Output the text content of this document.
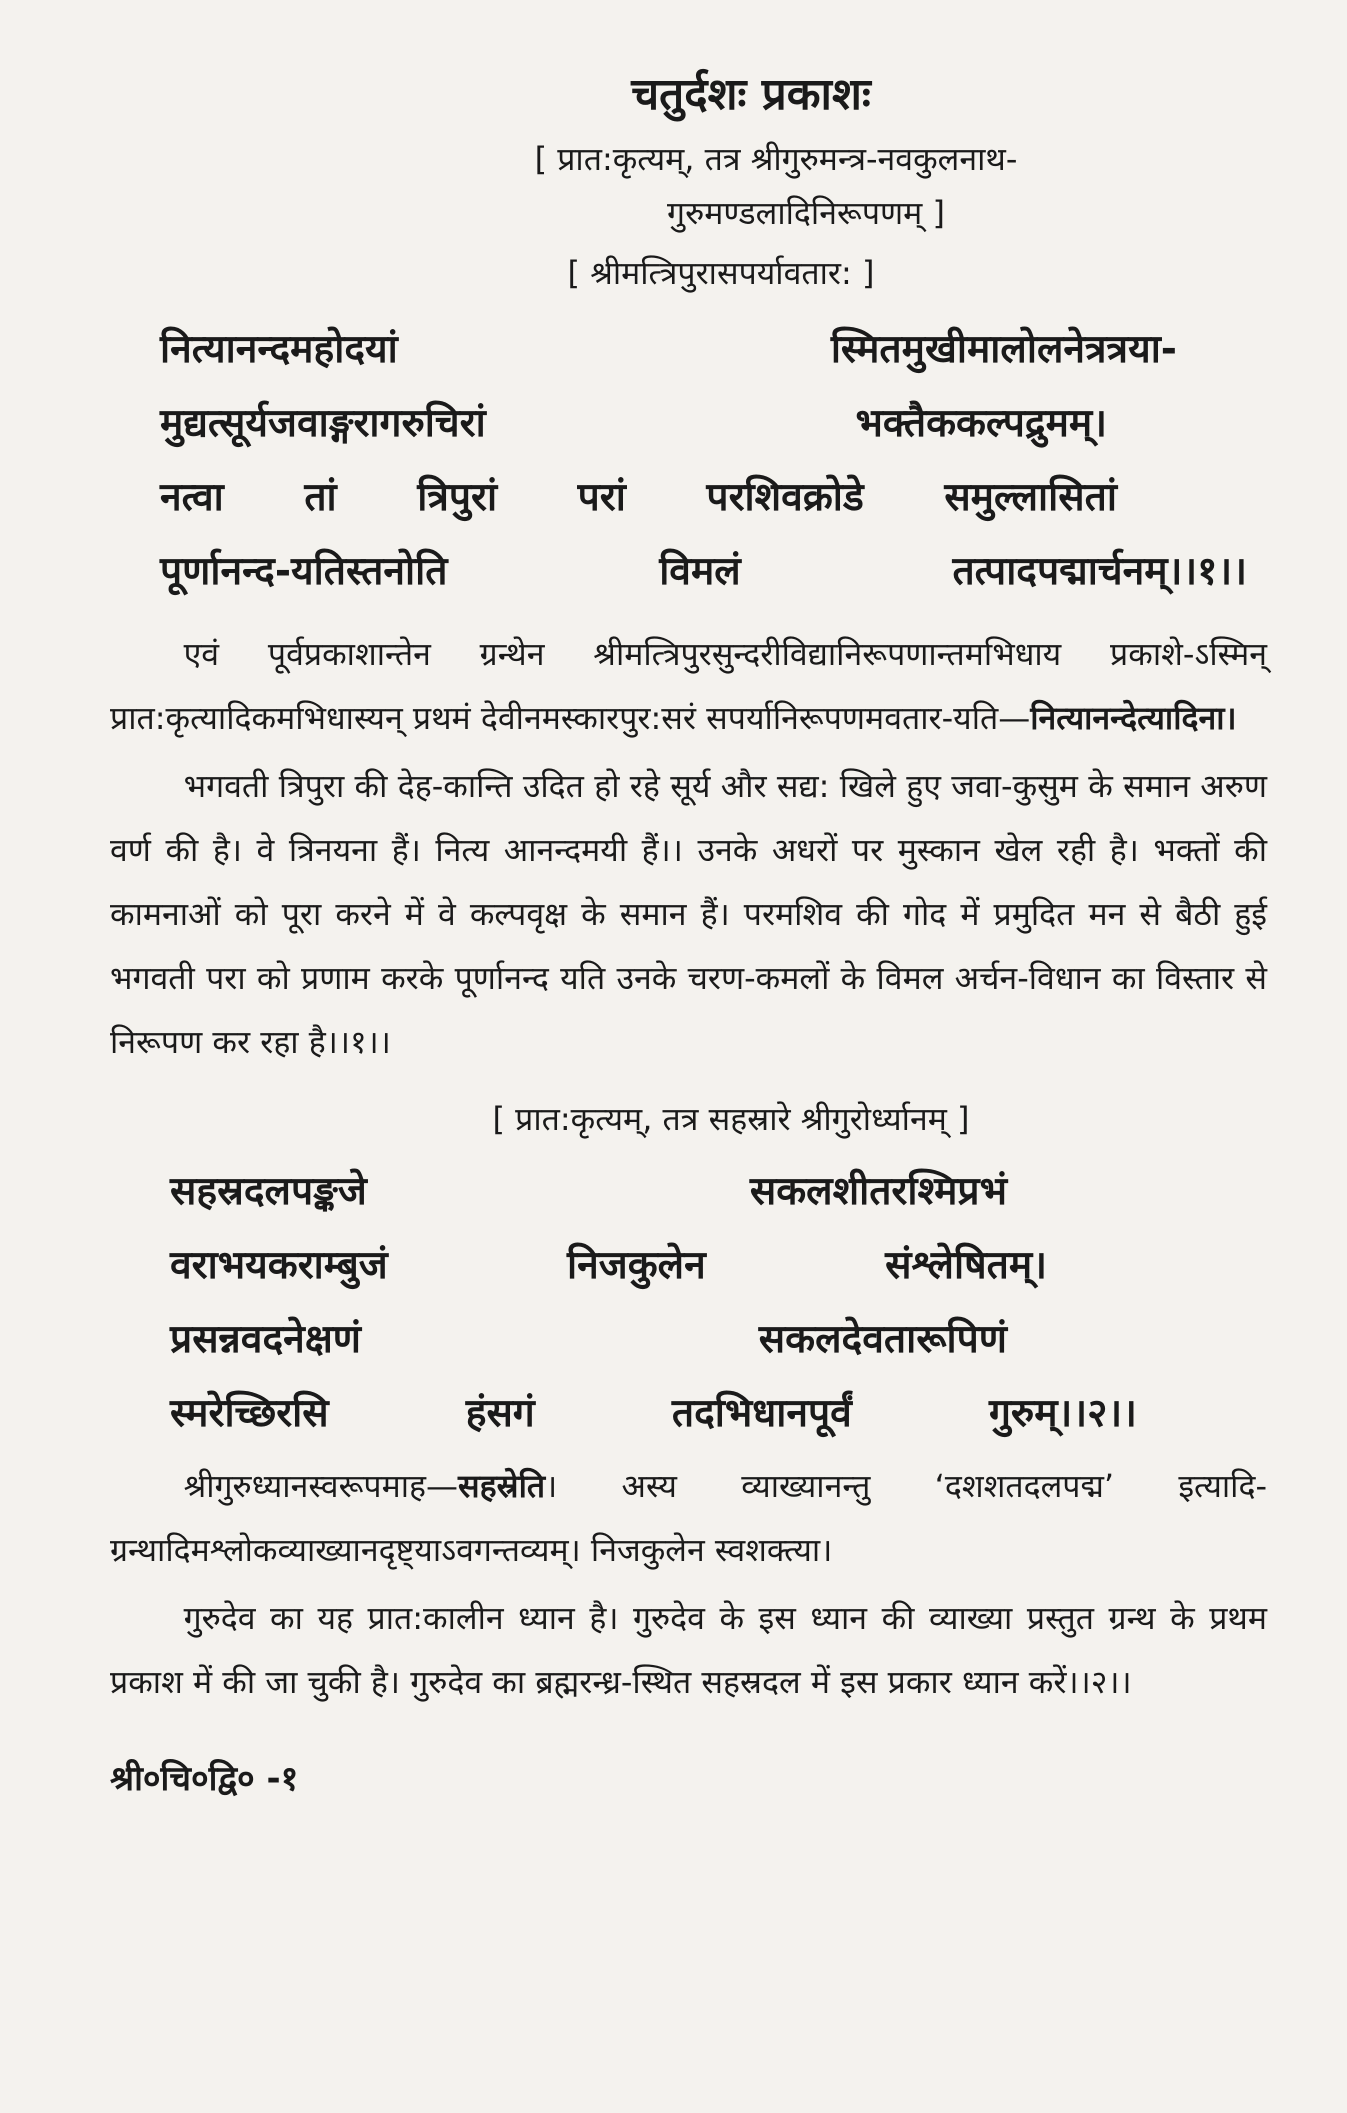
चतुर्दशः प्रकाशः
[ प्रात:कृत्यम्, तत्र श्रीगुरुमन्त्र-नवकुलनाथ-
गुरुमण्डलादिनिरूपणम् ]
[ श्रीमत्त्रिपुरासपर्यावतार: ]
नित्यानन्दमहोदयां	स्मितमुखीमालोलनेत्रत्रया-
मुद्यत्सूर्यजवाङ्गरागरुचिरां	भक्तैककल्पद्रुमम्।
नत्वा तां त्रिपुरां परां परशिवक्रोडे समुल्लासितां
पूर्णानन्द-यतिस्तनोति	विमलं	तत्पादपद्मार्चनम्।।१।।

एवं पूर्वप्रकाशान्तेन ग्रन्थेन श्रीमत्त्रिपुरसुन्दरीविद्यानिरूपणान्तमभिधाय प्रकाशे-ऽस्मिन् प्रात:कृत्यादिकमभिधास्यन् प्रथमं देवीनमस्कारपुर:सरं सपर्यानिरूपणमवतार-यति—नित्यानन्देत्यादिना।

भगवती त्रिपुरा की देह-कान्ति उदित हो रहे सूर्य और सद्य: खिले हुए जवा-कुसुम के समान अरुण वर्ण की है। वे त्रिनयना हैं। नित्य आनन्दमयी हैं।। उनके अधरों पर मुस्कान खेल रही है। भक्तों की कामनाओं को पूरा करने में वे कल्पवृक्ष के समान हैं। परमशिव की गोद में प्रमुदित मन से बैठी हुई भगवती परा को प्रणाम करके पूर्णानन्द यति उनके चरण-कमलों के विमल अर्चन-विधान का विस्तार से निरूपण कर रहा है।।१।।

[ प्रात:कृत्यम्, तत्र सहस्रारे श्रीगुरोर्ध्यानम् ]
सहस्रदलपङ्कजे	सकलशीतरश्मिप्रभं
वराभयकराम्बुजं	निजकुलेन	संश्लेषितम्।
प्रसन्नवदनेक्षणं	सकलदेवतारूपिणं
स्मरेच्छिरसि	हंसगं	तदभिधानपूर्वं	गुरुम्।।२।।

श्रीगुरुध्यानस्वरूपमाह—सहस्रेति। अस्य व्याख्यानन्तु ‘दशशतदलपद्म’ इत्यादि-ग्रन्थादिमश्लोकव्याख्यानदृष्ट्याऽवगन्तव्यम्। निजकुलेन स्वशक्त्या।

गुरुदेव का यह प्रात:कालीन ध्यान है। गुरुदेव के इस ध्यान की व्याख्या प्रस्तुत ग्रन्थ के प्रथम प्रकाश में की जा चुकी है। गुरुदेव का ब्रह्मरन्ध्र-स्थित सहस्रदल में इस प्रकार ध्यान करें।।२।।

श्री०चि०द्वि० -१
